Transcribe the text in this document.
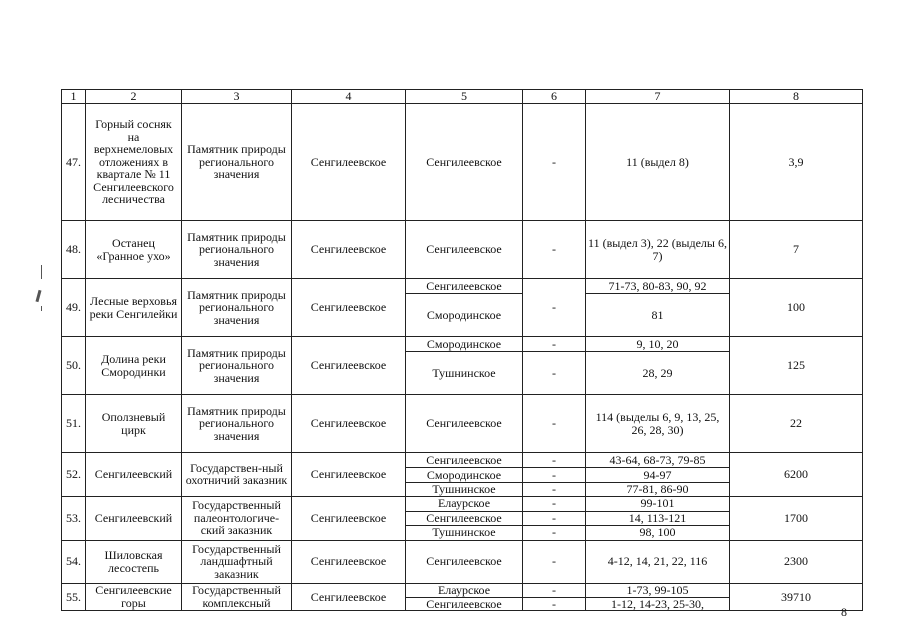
1	2	3	4	5	6	7	8
47.	Горный сосняк на верхнемеловых отложениях в квартале № 11 Сенгилеевского лесничества	Памятник природы регионального значения	Сенгилеевское	Сенгилеевское	-	11 (выдел 8)	3,9
48.	Останец «Гранное ухо»	Памятник природы регионального значения	Сенгилеевское	Сенгилеевское	-	11 (выдел 3), 22 (выделы 6, 7)	7
49.	Лесные верховья реки Сенгилейки	Памятник природы регионального значения	Сенгилеевское	Сенгилеевское	-	71-73, 80-83, 90, 92	100
				Смородинское		81	
50.	Долина реки Смородинки	Памятник природы регионального значения	Сенгилеевское	Смородинское	-	9, 10, 20	125
				Тушнинское	-	28, 29	
51.	Оползневый цирк	Памятник природы регионального значения	Сенгилеевское	Сенгилеевское	-	114 (выделы 6, 9, 13, 25, 26, 28, 30)	22
52.	Сенгилеевский	Государствен-ный охотничий заказник	Сенгилеевское	Сенгилеевское	-	43-64, 68-73, 79-85	6200
				Смородинское	-	94-97	
				Тушнинское	-	77-81, 86-90	
53.	Сенгилеевский	Государственный палеонтологиче-ский заказник	Сенгилеевское	Елаурское	-	99-101	1700
				Сенгилеевское	-	14, 113-121	
				Тушнинское	-	98, 100	
54.	Шиловская лесостепь	Государственный ландшафтный заказник	Сенгилеевское	Сенгилеевское	-	4-12, 14, 21, 22, 116	2300
55.	Сенгилеевские горы	Государственный комплексный	Сенгилеевское	Елаурское	-	1-73, 99-105	39710
				Сенгилеевское	-	1-12, 14-23, 25-30,	
8
